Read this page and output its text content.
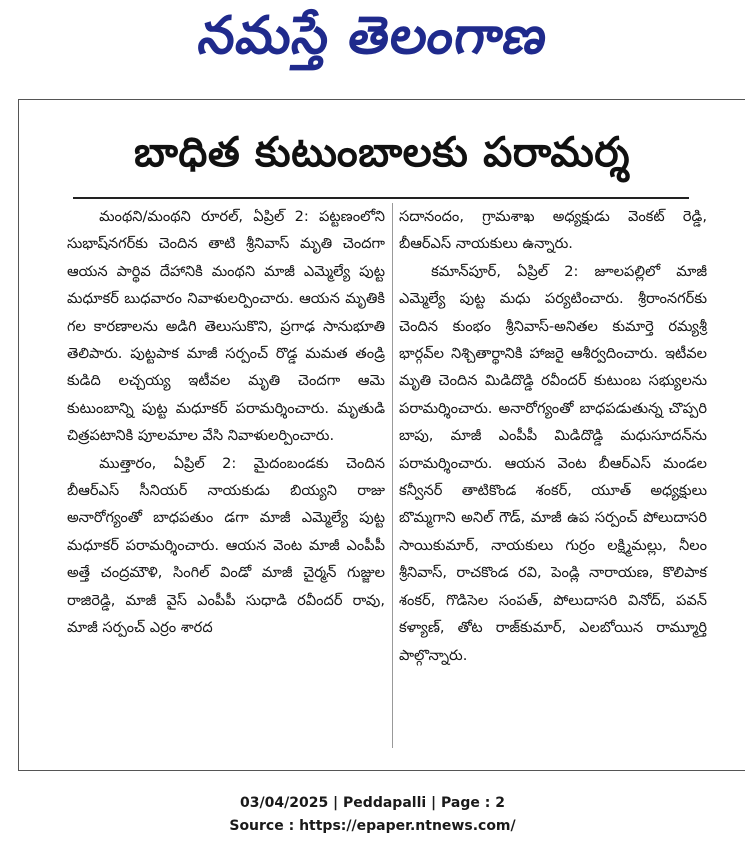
నమస్తే తెలంగాణ
బాధిత కుటుంబాలకు పరామర్శ

మంథని/మంథని రూరల్, ఏప్రిల్ 2: పట్టణంలోని సుభాష్‌నగర్‌కు చెందిన తాటి శ్రీనివాస్ మృతి చెందగా ఆయన పార్థివ దేహానికి మంథని మాజీ ఎమ్మెల్యే పుట్ట మధూకర్ బుధవారం నివాళులర్పించారు. ఆయన మృతికి గల కారణాలను అడిగి తెలుసుకొని, ప్రగాఢ సానుభూతి తెలిపారు. పుట్టపాక మాజీ సర్పంచ్ రొడ్డ మమత తండ్రి కుడిది లచ్చయ్య ఇటీవల మృతి చెందగా ఆమె కుటుంబాన్ని పుట్ట మధూకర్ పరామర్శించారు. మృతుడి చిత్రపటానికి పూలమాల వేసి నివాళులర్పించారు.

ముత్తారం, ఏప్రిల్ 2: మైదంబండకు చెందిన బీఆర్‌ఎస్ సీనియర్ నాయకుడు బియ్యని రాజు అనారోగ్యంతో బాధపతుం డగా మాజీ ఎమ్మెల్యే పుట్ట మధూకర్ పరామర్శించారు. ఆయన వెంట మాజీ ఎంపీపీ అత్తే చంద్రమౌళి, సింగిల్ విండో మాజీ చైర్మన్ గుజ్జుల రాజిరెడ్డి, మాజీ వైస్ ఎంపీపీ సుధాడి రవీందర్ రావు, మాజీ సర్పంచ్ ఎర్రం శారద

సదానందం, గ్రామశాఖ అధ్యక్షుడు వెంకట్ రెడ్డి, బీఆర్‌ఎస్ నాయకులు ఉన్నారు.

కమాన్‌పూర్, ఏప్రిల్ 2: జూలపల్లిలో మాజీ ఎమ్మెల్యే పుట్ట మధు పర్యటించారు. శ్రీరాంనగర్‌కు చెందిన కుంభం శ్రీనివాస్-అనితల కుమార్తె రమ్యశ్రీ భార్గవ్‌ల నిశ్చితార్థానికి హాజరై ఆశీర్వదించారు. ఇటీవల మృతి చెందిన మిడిదొడ్డి రవీందర్ కుటుంబ సభ్యులను పరామర్శించారు. అనారోగ్యంతో బాధపడుతున్న చొప్పరి బాపు, మాజీ ఎంపీపీ మిడిదొడ్డి మధుసూదన్‌ను పరామర్శించారు. ఆయన వెంట బీఆర్‌ఎస్ మండల కన్వీనర్ తాటికొండ శంకర్, యూత్ అధ్యక్షులు బొమ్మగాని అనిల్ గౌడ్, మాజీ ఉప సర్పంచ్ పోలుదాసరి సాయికుమార్, నాయకులు గుర్రం లక్ష్మిమల్లు, నీలం శ్రీనివాస్, రాచకొండ రవి, పెండ్లి నారాయణ, కొలిపాక శంకర్, గొడిసెల సంపత్, పోలుదాసరి వినోద్, పవన్ కళ్యాణ్, తోట రాజ్‌కుమార్, ఎలబోయిన రామ్మూర్తి పాల్గొన్నారు.

03/04/2025 | Peddapalli | Page : 2
Source : https://epaper.ntnews.com/
